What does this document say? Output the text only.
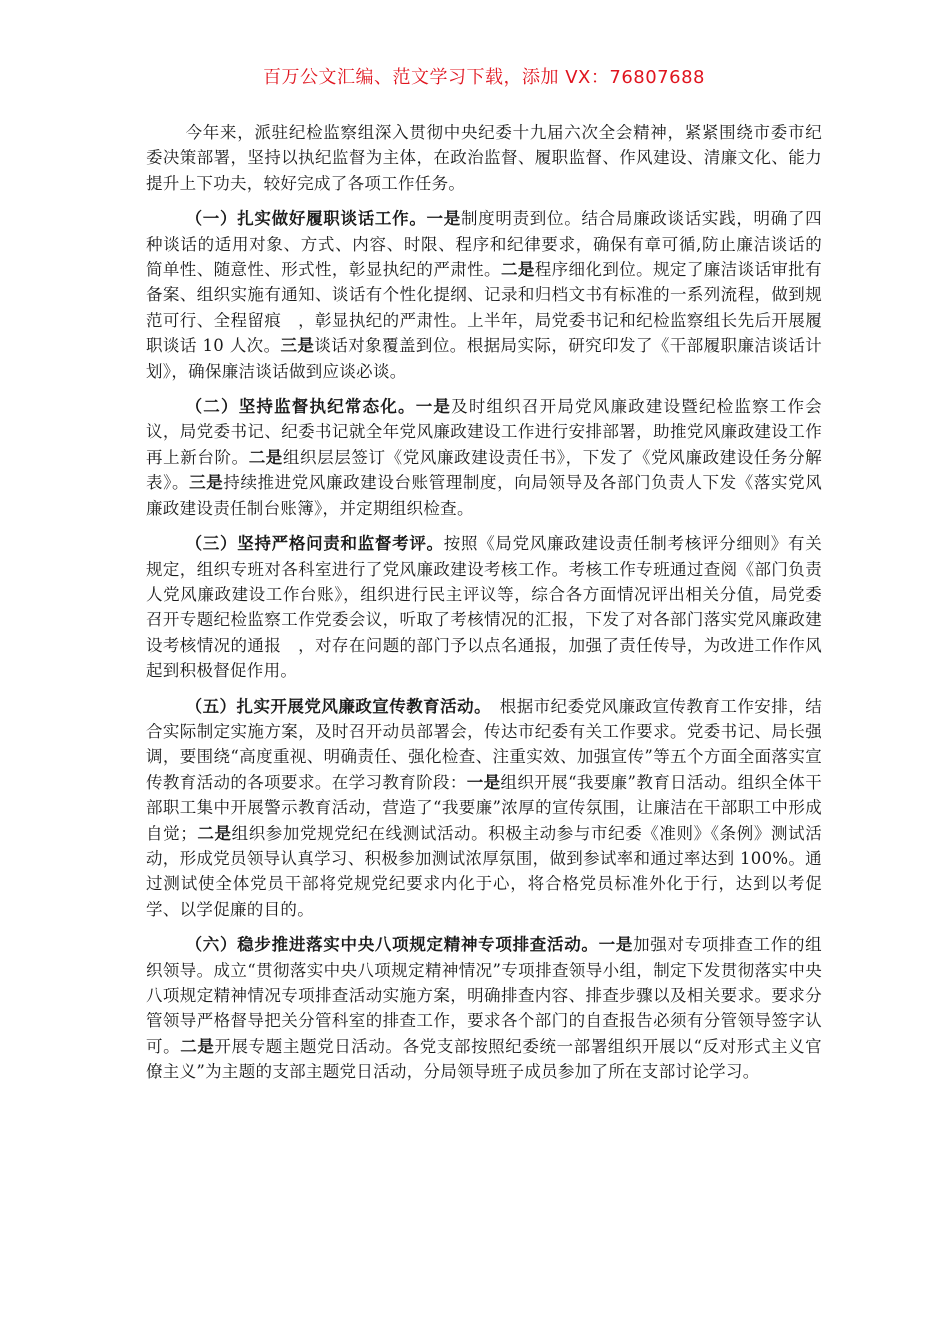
百万公文汇编、范文学习下载，添加 VX：76807688

今年来，派驻纪检监察组深入贯彻中央纪委十九届六次全会精神，紧紧围绕市委市纪委决策部署，坚持以执纪监督为主体，在政治监督、履职监督、作风建设、清廉文化、能力提升上下功夫，较好完成了各项工作任务。

（一）扎实做好履职谈话工作。一是制度明责到位。结合局廉政谈话实践，明确了四种谈话的适用对象、方式、内容、时限、程序和纪律要求，确保有章可循,防止廉洁谈话的简单性、随意性、形式性，彰显执纪的严肃性。二是程序细化到位。规定了廉洁谈话审批有备案、组织实施有通知、谈话有个性化提纲、记录和归档文书有标准的一系列流程，做到规范可行、全程留痕　，彰显执纪的严肃性。上半年，局党委书记和纪检监察组长先后开展履职谈话 10 人次。三是谈话对象覆盖到位。根据局实际，研究印发了《干部履职廉洁谈话计划》，确保廉洁谈话做到应谈必谈。

（二）坚持监督执纪常态化。一是及时组织召开局党风廉政建设暨纪检监察工作会议，局党委书记、纪委书记就全年党风廉政建设工作进行安排部署，助推党风廉政建设工作再上新台阶。二是组织层层签订《党风廉政建设责任书》，下发了《党风廉政建设任务分解表》。三是持续推进党风廉政建设台账管理制度，向局领导及各部门负责人下发《落实党风廉政建设责任制台账簿》，并定期组织检查。

（三）坚持严格问责和监督考评。按照《局党风廉政建设责任制考核评分细则》有关规定，组织专班对各科室进行了党风廉政建设考核工作。考核工作专班通过查阅《部门负责人党风廉政建设工作台账》，组织进行民主评议等，综合各方面情况评出相关分值，局党委召开专题纪检监察工作党委会议，听取了考核情况的汇报，下发了对各部门落实党风廉政建设考核情况的通报　，对存在问题的部门予以点名通报，加强了责任传导，为改进工作作风起到积极督促作用。

（五）扎实开展党风廉政宣传教育活动。　根据市纪委党风廉政宣传教育工作安排，结合实际制定实施方案，及时召开动员部署会，传达市纪委有关工作要求。党委书记、局长强调，要围绕“高度重视、明确责任、强化检查、注重实效、加强宣传”等五个方面全面落实宣传教育活动的各项要求。在学习教育阶段：一是组织开展“我要廉”教育日活动。组织全体干部职工集中开展警示教育活动，营造了“我要廉”浓厚的宣传氛围，让廉洁在干部职工中形成自觉；二是组织参加党规党纪在线测试活动。积极主动参与市纪委《准则》《条例》测试活动，形成党员领导认真学习、积极参加测试浓厚氛围，做到参试率和通过率达到 100%。通过测试使全体党员干部将党规党纪要求内化于心，将合格党员标准外化于行，达到以考促学、以学促廉的目的。

（六）稳步推进落实中央八项规定精神专项排查活动。一是加强对专项排查工作的组织领导。成立“贯彻落实中央八项规定精神情况”专项排查领导小组，制定下发贯彻落实中央八项规定精神情况专项排查活动实施方案，明确排查内容、排查步骤以及相关要求。要求分管领导严格督导把关分管科室的排查工作，要求各个部门的自查报告必须有分管领导签字认可。二是开展专题主题党日活动。各党支部按照纪委统一部署组织开展以“反对形式主义官僚主义”为主题的支部主题党日活动，分局领导班子成员参加了所在支部讨论学习。
